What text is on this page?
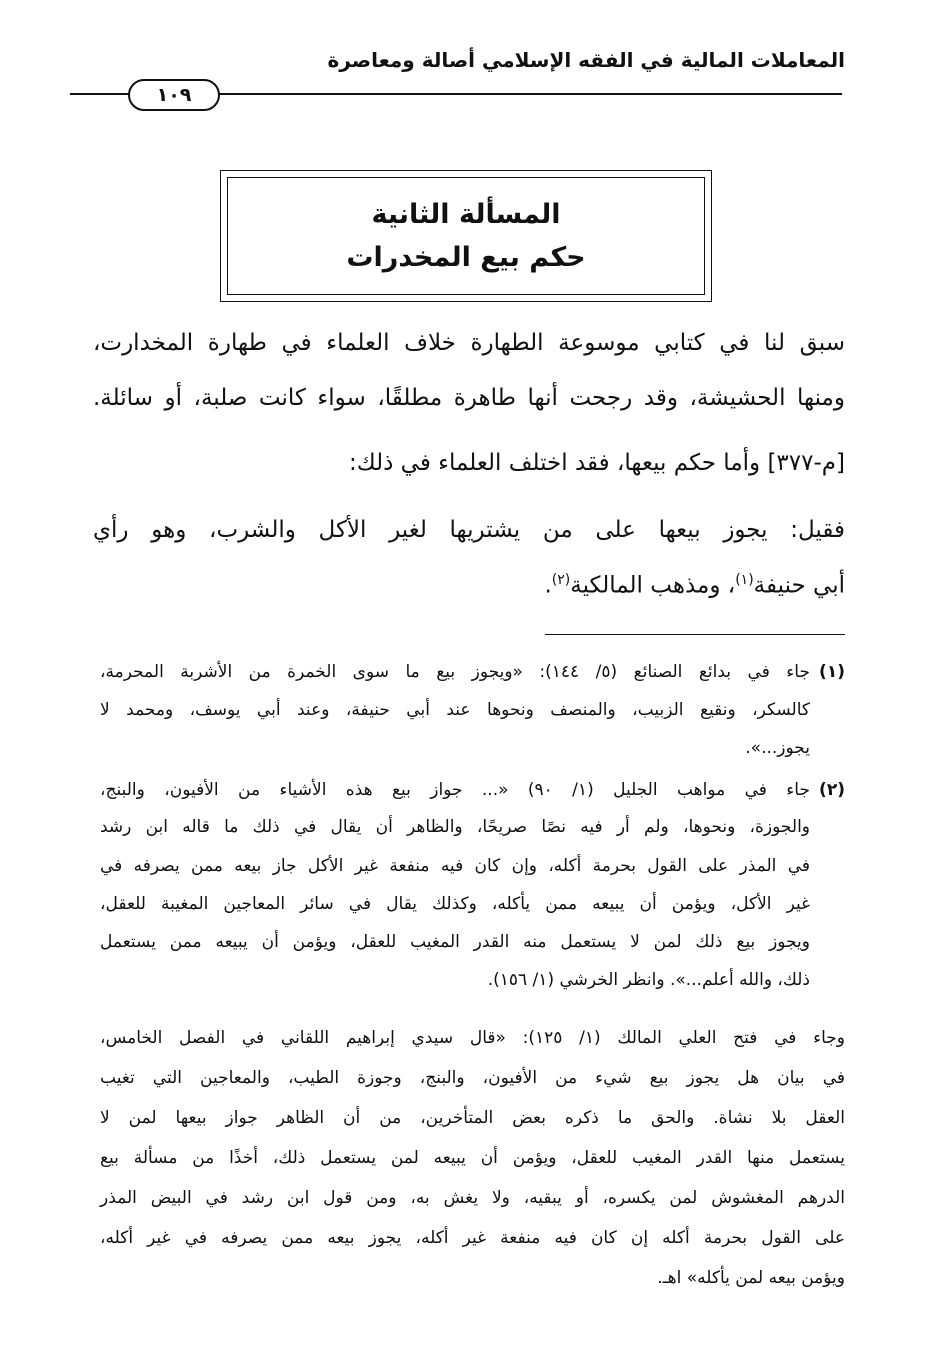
المعاملات المالية في الفقه الإسلامي أصالة ومعاصرة
١٠٩
المسألة الثانية
حكم بيع المخدرات
سبق لنا في كتابي موسوعة الطهارة خلاف العلماء في طهارة المخدارت،
ومنها الحشيشة، وقد رجحت أنها طاهرة مطلقًا، سواء كانت صلبة، أو سائلة.
[م-٣٧٧] وأما حكم بيعها، فقد اختلف العلماء في ذلك:
فقيل: يجوز بيعها على من يشتريها لغير الأكل والشرب، وهو رأي
أبي حنيفة$^{(١)}$، ومذهب المالكية$^{(٢)}$.
(١)
جاء في بدائع الصنائع (٥/ ١٤٤): «ويجوز بيع ما سوى الخمرة من الأشربة المحرمة،
كالسكر، ونقيع الزبيب، والمنصف ونحوها عند أبي حنيفة، وعند أبي يوسف، ومحمد لا
يجوز...».
(٢)
جاء في مواهب الجليل (١/ ٩٠) «... جواز بيع هذه الأشياء من الأفيون، والبنج،
والجوزة، ونحوها، ولم أر فيه نصًا صريحًا، والظاهر أن يقال في ذلك ما قاله ابن رشد
في المذر على القول بحرمة أكله، وإن كان فيه منفعة غير الأكل جاز بيعه ممن يصرفه في
غير الأكل، ويؤمن أن يبيعه ممن يأكله، وكذلك يقال في سائر المعاجين المغيبة للعقل،
ويجوز بيع ذلك لمن لا يستعمل منه القدر المغيب للعقل، ويؤمن أن يبيعه ممن يستعمل
ذلك، والله أعلم...». وانظر الخرشي (١/ ١٥٦).
وجاء في فتح العلي المالك (١/ ١٢٥): «قال سيدي إبراهيم اللقاني في الفصل الخامس،
في بيان هل يجوز بيع شيء من الأفيون، والبنج، وجوزة الطيب، والمعاجين التي تغيب
العقل بلا نشاة. والحق ما ذكره بعض المتأخرين، من أن الظاهر جواز بيعها لمن لا
يستعمل منها القدر المغيب للعقل، ويؤمن أن يبيعه لمن يستعمل ذلك، أخذًا من مسألة بيع
الدرهم المغشوش لمن يكسره، أو يبقيه، ولا يغش به، ومن قول ابن رشد في البيض المذر
على القول بحرمة أكله إن كان فيه منفعة غير أكله، يجوز بيعه ممن يصرفه في غير أكله،
ويؤمن بيعه لمن يأكله» اهـ.
